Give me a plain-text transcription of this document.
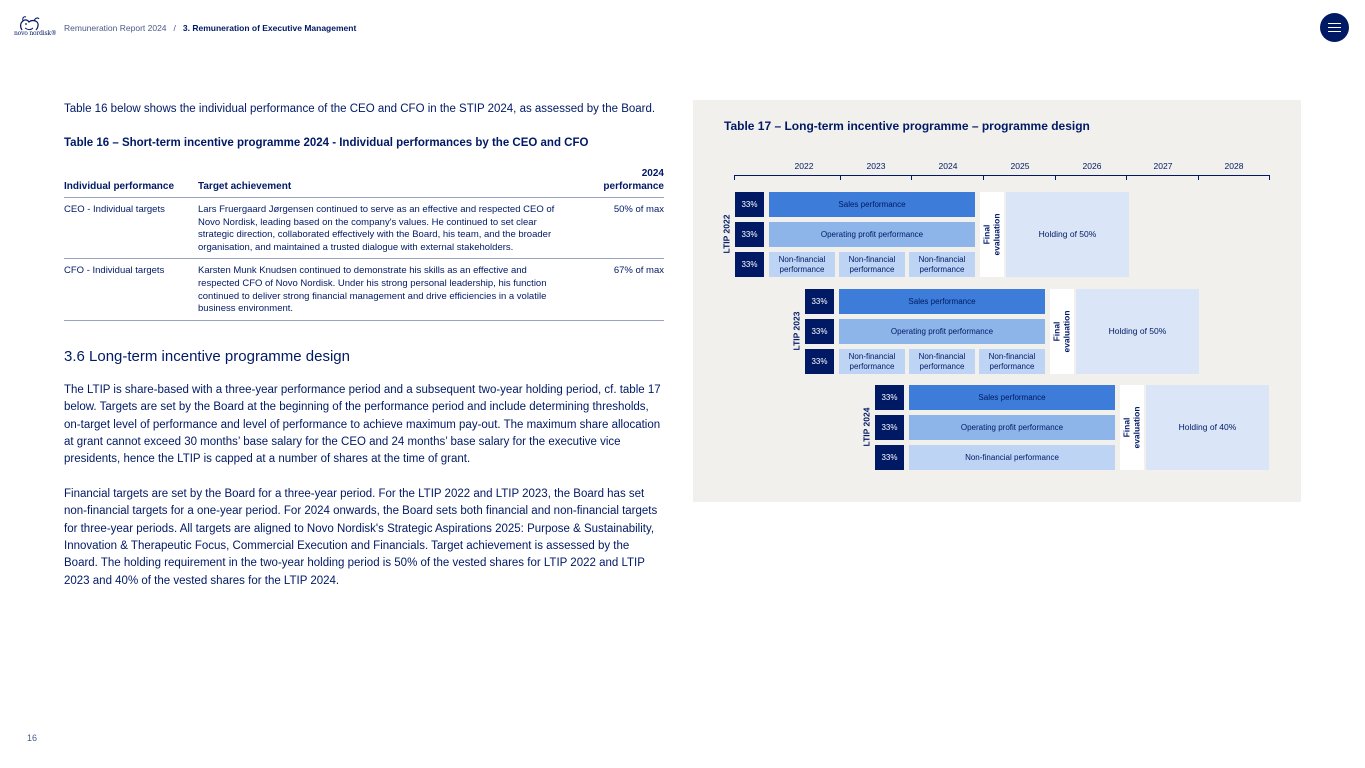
novo nordisk®
Remuneration Report 2024 / 3. Remuneration of Executive Management

Table 16 below shows the individual performance of the CEO and CFO in the STIP 2024, as assessed by the Board.

Table 16 – Short-term incentive programme 2024 - Individual performances by the CEO and CFO

Individual performance	Target achievement	2024 performance
CEO - Individual targets	Lars Fruergaard Jørgensen continued to serve as an effective and respected CEO of Novo Nordisk, leading based on the company's values. He continued to set clear strategic direction, collaborated effectively with the Board, his team, and the broader organisation, and maintained a trusted dialogue with external stakeholders.	50% of max
CFO - Individual targets	Karsten Munk Knudsen continued to demonstrate his skills as an effective and respected CFO of Novo Nordisk. Under his strong personal leadership, his function continued to deliver strong financial management and drive efficiencies in a volatile business environment.	67% of max
3.6 Long-term incentive programme design

The LTIP is share-based with a three-year performance period and a subsequent two-year holding period, cf. table 17 below. Targets are set by the Board at the beginning of the performance period and include determining thresholds, on-target level of performance and level of performance to achieve maximum pay-out. The maximum share allocation at grant cannot exceed 30 months’ base salary for the CEO and 24 months’ base salary for the executive vice presidents, hence the LTIP is capped at a number of shares at the time of grant.

Financial targets are set by the Board for a three-year period. For the LTIP 2022 and LTIP 2023, the Board has set non-financial targets for a one-year period. For 2024 onwards, the Board sets both financial and non-financial targets for three-year periods. All targets are aligned to Novo Nordisk's Strategic Aspirations 2025: Purpose & Sustainability, Innovation & Therapeutic Focus, Commercial Execution and Financials. Target achievement is assessed by the Board. The holding requirement in the two-year holding period is 50% of the vested shares for LTIP 2022 and LTIP 2023 and 40% of the vested shares for the LTIP 2024.

Table 17 – Long-term incentive programme – programme design
2022	2023	2024	2025	2026	2027	2028
LTIP 2022
33%
33%
33%
Sales performance
Operating profit performance
Non-financial performance
Non-financial performance
Non-financial performance
Final evaluation	Holding of 50%
LTIP 2023
33%
33%
33%
Sales performance
Operating profit performance
Non-financial performance
Non-financial performance
Non-financial performance
Final evaluation	Holding of 50%
LTIP 2024
33%
33%
33%
Sales performance
Operating profit performance
Non-financial performance
Final evaluation	Holding of 40%
16
